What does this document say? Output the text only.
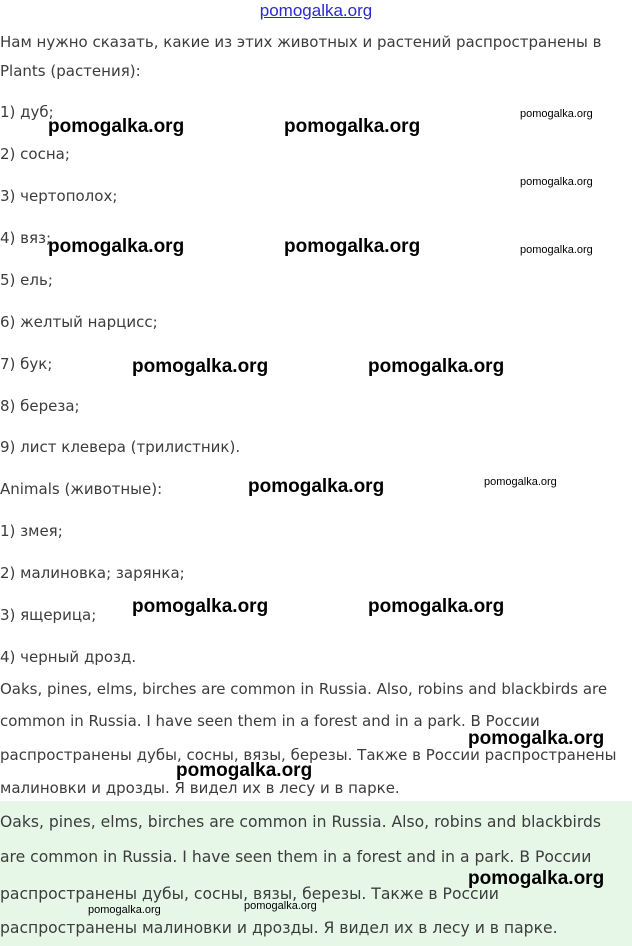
pomogalka.org

Нам нужно сказать, какие из этих животных и растений распространены в

Plants (растения):

1) дуб;

2) сосна;

3) чертополох;

4) вяз;

5) ель;

6) желтый нарцисс;

7) бук;

8) береза;

9) лист клевера (трилистник).

Animals (животные):

1) змея;

2) малиновка; зарянка;

3) ящерица;

4) черный дрозд.

Oaks, pines, elms, birches are common in Russia. Also, robins and blackbirds are

common in Russia. I have seen them in a forest and in a park. В России

распространены дубы, сосны, вязы, березы. Также в России распространены

малиновки и дрозды. Я видел их в лесу и в парке.

Oaks, pines, elms, birches are common in Russia. Also, robins and blackbirds

are common in Russia. I have seen them in a forest and in a park. В России

распространены дубы, сосны, вязы, березы. Также в России

распространены малиновки и дрозды. Я видел их в лесу и в парке.

pomogalka.org	pomogalka.org
pomogalka.org
pomogalka.org
pomogalka.org	pomogalka.org	pomogalka.org
pomogalka.org	pomogalka.org
pomogalka.org	pomogalka.org
pomogalka.org	pomogalka.org
pomogalka.org
pomogalka.org
pomogalka.org
pomogalka.org	pomogalka.org
